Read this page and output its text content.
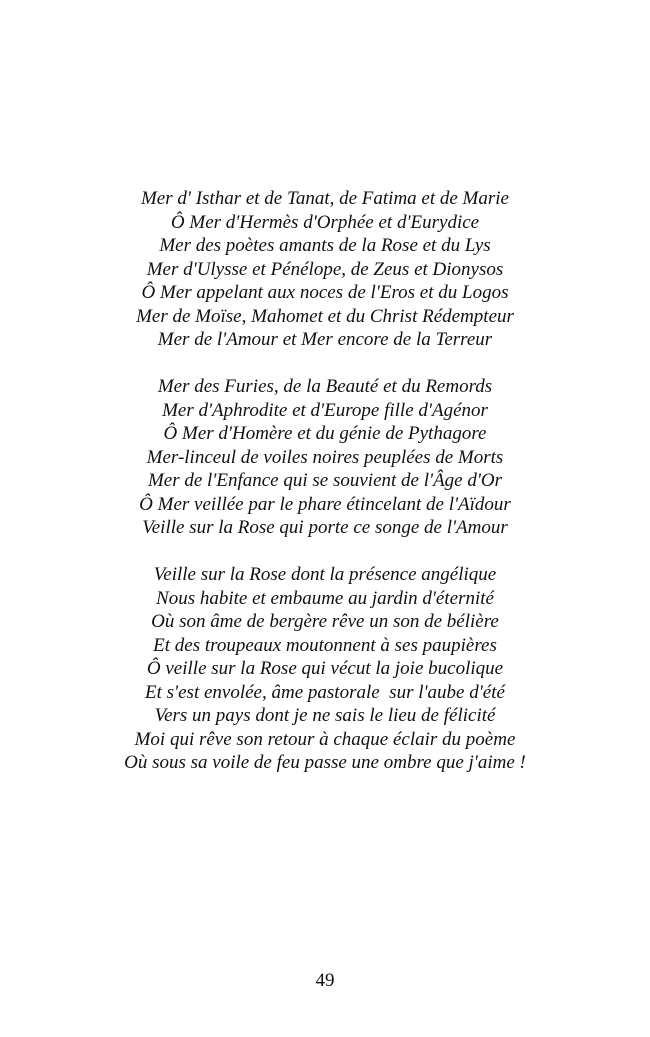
Mer d' Isthar et de Tanat, de Fatima et de Marie
Ô Mer d'Hermès d'Orphée et d'Eurydice
Mer des poètes amants de la Rose et du Lys
Mer d'Ulysse et Pénélope, de Zeus et Dionysos
Ô Mer appelant aux noces de l'Eros et du Logos
Mer de Moïse, Mahomet et du Christ Rédempteur
Mer de l'Amour et Mer encore de la Terreur
Mer des Furies, de la Beauté et du Remords
Mer d'Aphrodite et d'Europe fille d'Agénor
Ô Mer d'Homère et du génie de Pythagore
Mer-linceul de voiles noires peuplées de Morts
Mer de l'Enfance qui se souvient de l'Âge d'Or
Ô Mer veillée par le phare étincelant de l'Aïdour
Veille sur la Rose qui porte ce songe de l'Amour
Veille sur la Rose dont la présence angélique
Nous habite et embaume au jardin d'éternité
Où son âme de bergère rêve un son de bélière
Et des troupeaux moutonnent à ses paupières
Ô veille sur la Rose qui vécut la joie bucolique
Et s'est envolée, âme pastorale  sur l'aube d'été
Vers un pays dont je ne sais le lieu de félicité
Moi qui rêve son retour à chaque éclair du poème
Où sous sa voile de feu passe une ombre que j'aime !
49
